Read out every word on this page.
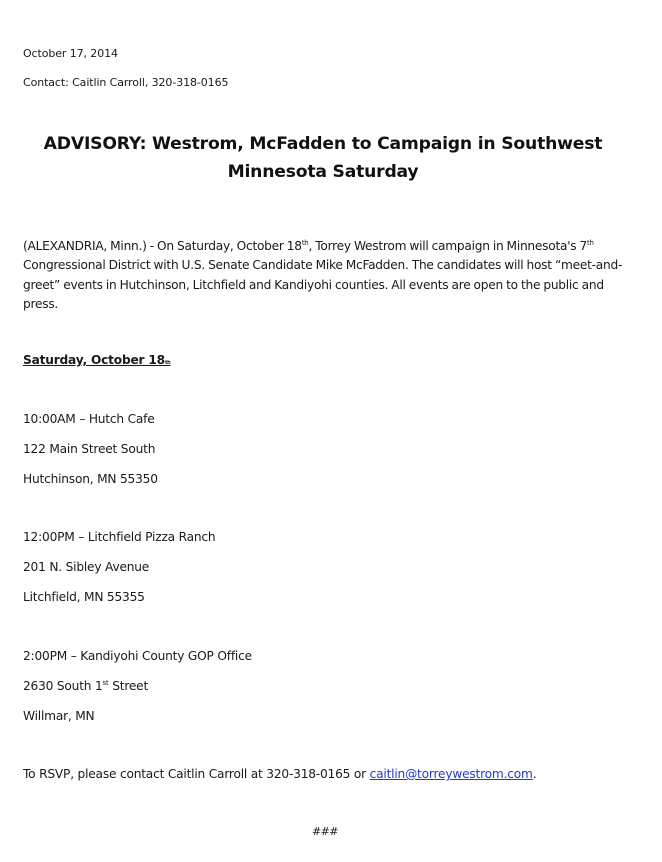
October 17, 2014
Contact: Caitlin Carroll, 320-318-0165
ADVISORY: Westrom, McFadden to Campaign in Southwest
Minnesota Saturday
(ALEXANDRIA, Minn.) - On Saturday, October 18th, Torrey Westrom will campaign in Minnesota's 7th Congressional District with U.S. Senate Candidate Mike McFadden. The candidates will host “meet-and-greet” events in Hutchinson, Litchfield and Kandiyohi counties. All events are open to the public and press.
Saturday, October 18th
10:00AM – Hutch Cafe
122 Main Street South
Hutchinson, MN 55350
12:00PM – Litchfield Pizza Ranch
201 N. Sibley Avenue
Litchfield, MN 55355
2:00PM – Kandiyohi County GOP Office
2630 South 1st Street
Willmar, MN
To RSVP, please contact Caitlin Carroll at 320-318-0165 or caitlin@torreywestrom.com.
###
